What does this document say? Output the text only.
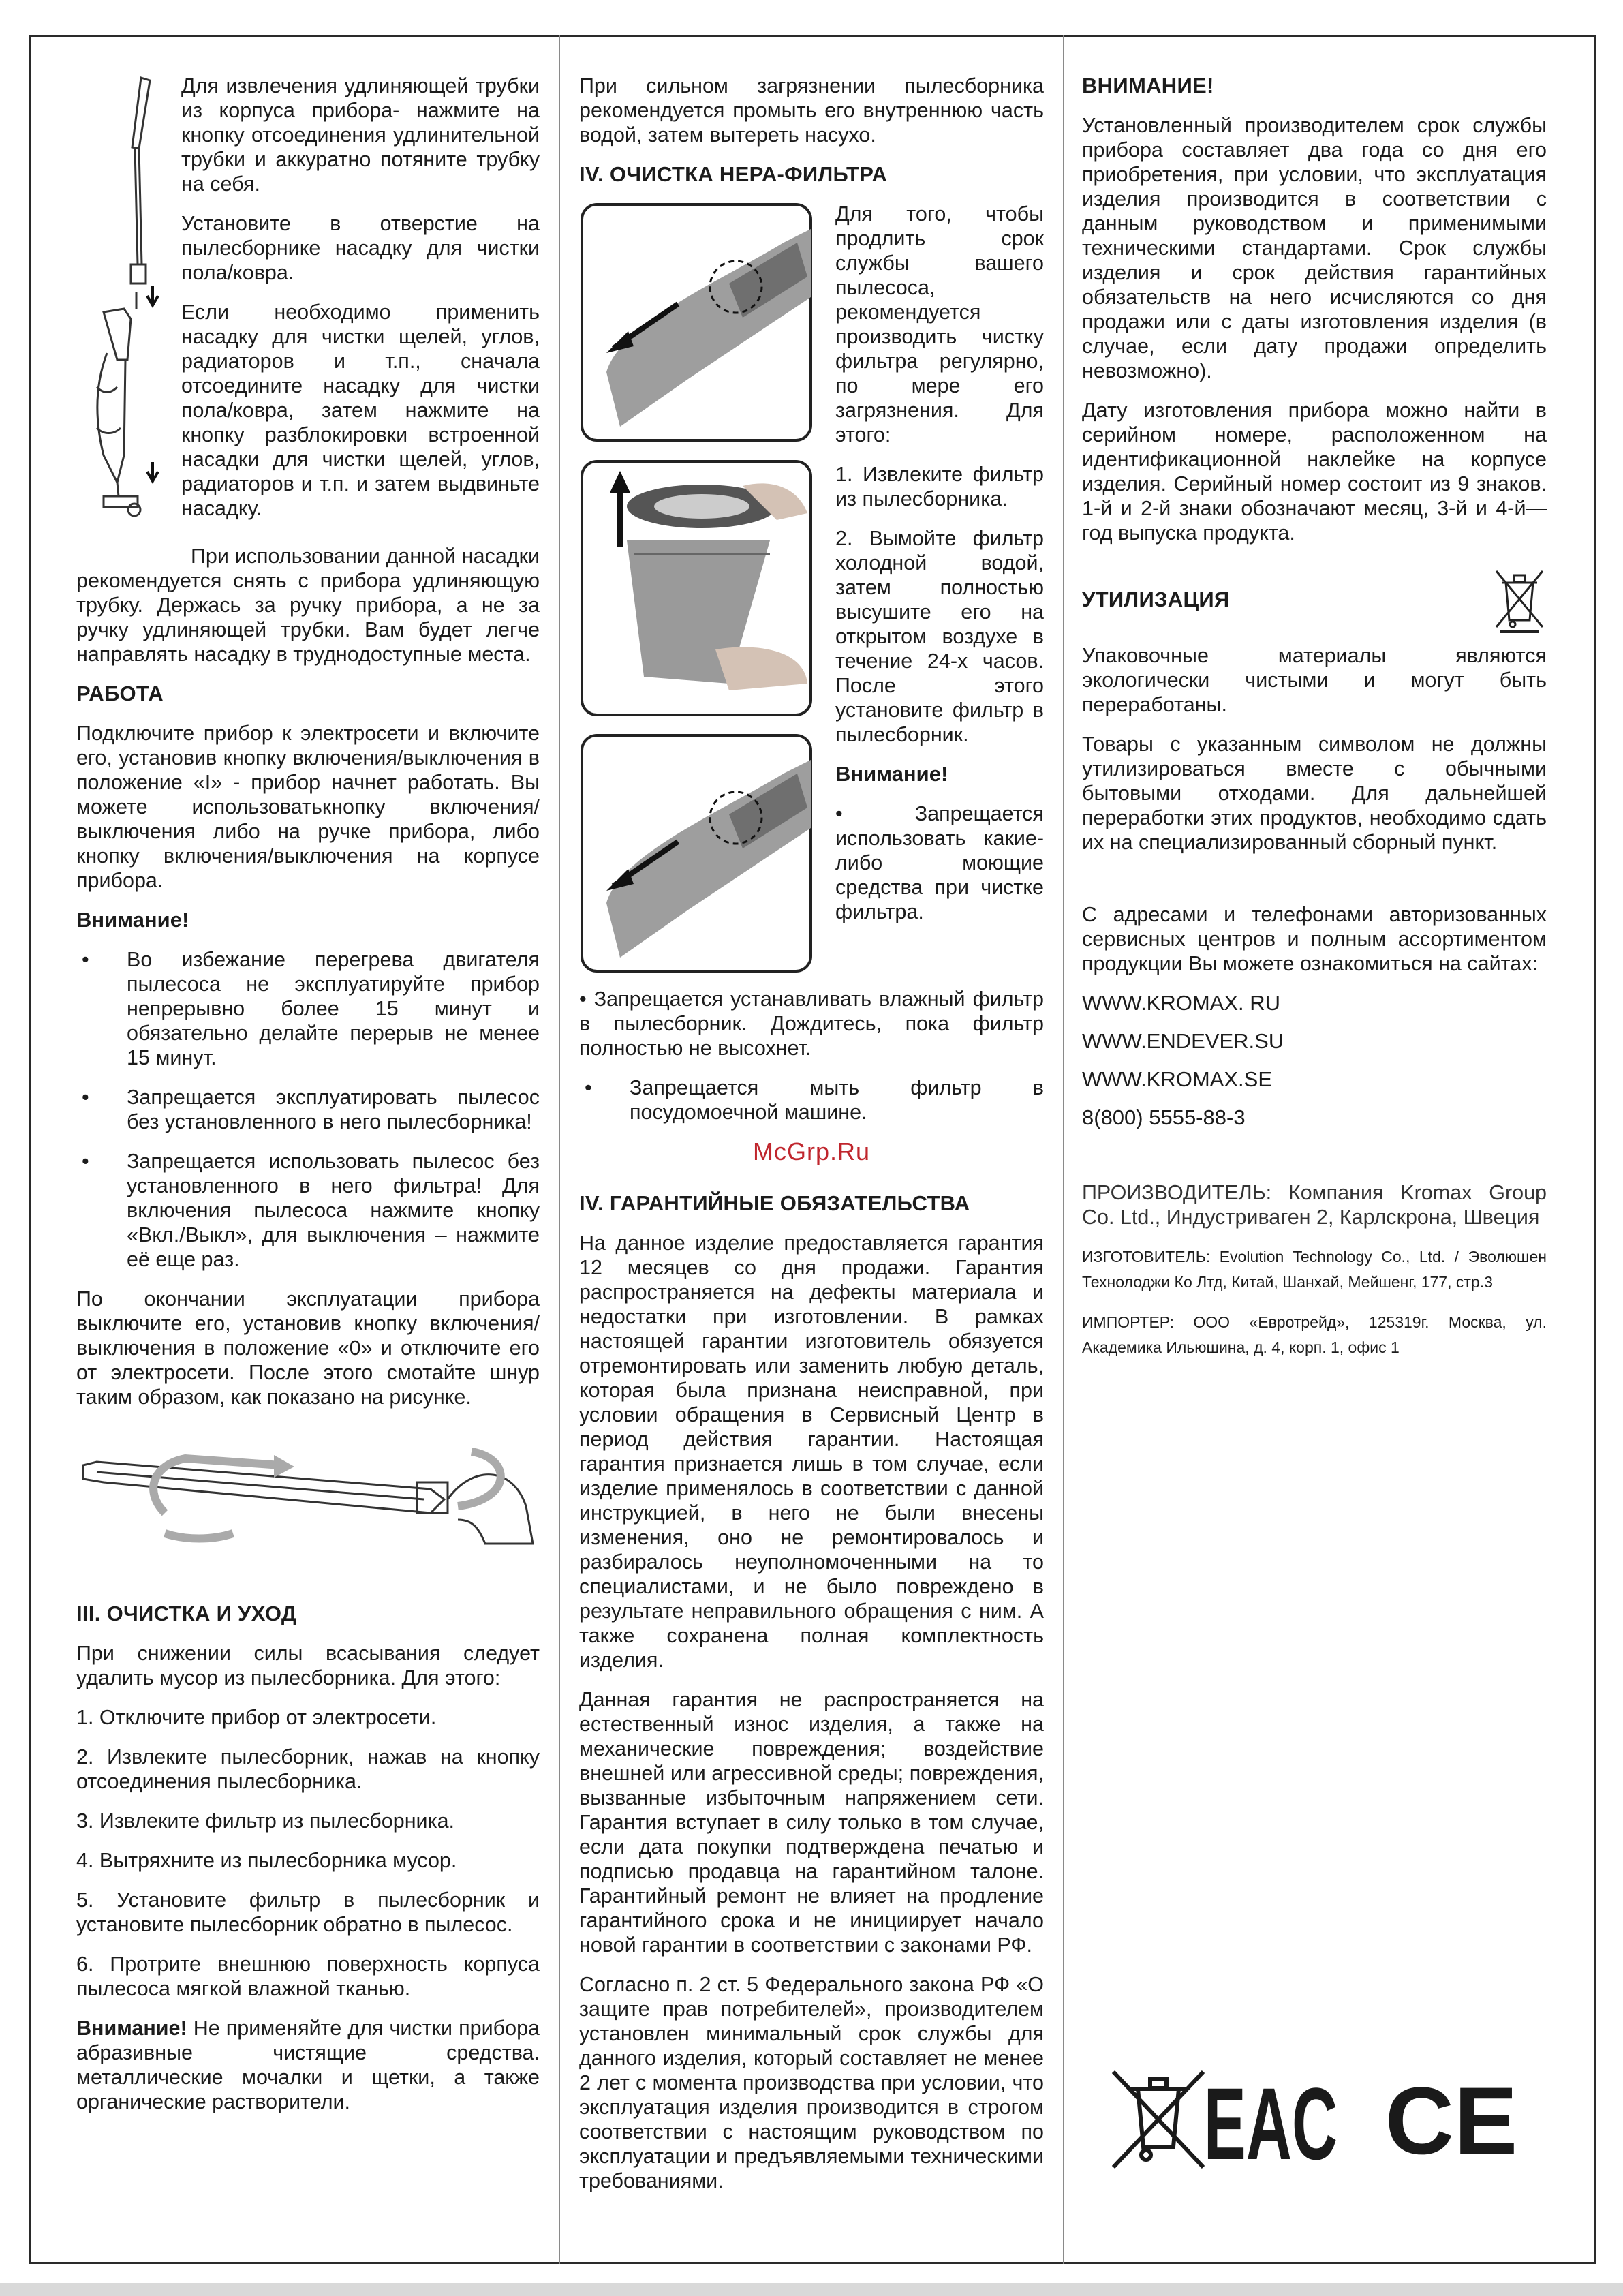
Для извлечения удлиняющей трубки из корпуса прибора- нажмите на кнопку отсоединения удлинительной трубки и аккуратно потяните трубку на себя.

Установите в отверстие на пылесборнике насадку для чистки пола/ковра.

Если необходимо применить насадку для чистки щелей, углов, радиаторов и т.п., сначала отсоедините насадку для чистки пола/ковра, затем нажмите на кнопку разблокировки встроенной насадки для чистки щелей, углов, радиаторов и т.п. и затем выдвиньте насадку.

При использовании данной насадки рекомендуется снять с прибора удлиняющую трубку. Держась за ручку прибора, а не за ручку удлиняющей трубки. Вам будет легче направлять насадку в труднодоступные места.

РАБОТА

Подключите прибор к электросети и включите его, установив кнопку включения/выключения в положение «I» - прибор начнет работать. Вы можете использоватькнопку включения/выключения либо на ручке прибора, либо кнопку включения/выключения на корпусе прибора.

Внимание!
• Во избежание перегрева двигателя пылесоса не эксплуатируйте прибор непрерывно более 15 минут и обязательно делайте перерыв не менее 15 минут.
• Запрещается эксплуатировать пылесос без установленного в него пылесборника!
• Запрещается использовать пылесос без установленного в него фильтра! Для включения пылесоса нажмите кнопку «Вкл./Выкл», для выключения – нажмите её еще раз.

По окончании эксплуатации прибора выключите его, установив кнопку включения/выключения в положение «0» и отключите его от электросети. После этого смотайте шнур таким образом, как показано на рисунке.

III. ОЧИСТКА И УХОД

При снижении силы всасывания следует удалить мусор из пылесборника. Для этого:

1. Отключите прибор от электросети.

2. Извлеките пылесборник, нажав на кнопку отсоединения пылесборника.

3. Извлеките фильтр из пылесборника.

4. Вытряхните из пылесборника мусор.

5. Установите фильтр в пылесборник и установите пылесборник обратно в пылесос.

6. Протрите внешнюю поверхность корпуса пылесоса мягкой влажной тканью.

Внимание! Не применяйте для чистки прибора абразивные чистящие средства. металлические мочалки и щетки, а также органические растворители.

При сильном загрязнении пылесборника рекомендуется промыть его внутреннюю часть водой, затем вытереть насухо.

IV. ОЧИСТКА НЕРА-ФИЛЬТРА

Для того, чтобы продлить срок службы вашего пылесоса, рекомендуется производить чистку фильтра регулярно, по мере его загрязнения. Для этого:

1. Извлеките фильтр из пылесборника.

2. Вымойте фильтр холодной водой, затем полностью высушите его на открытом воздухе в течение 24-х часов. После этого установите фильтр в пылесборник.

Внимание!

• Запрещается использовать какие-либо моющие средства при чистке фильтра.

• Запрещается устанавливать влажный фильтр в пылесборник. Дождитесь, пока фильтр полностью не высохнет.

• Запрещается мыть фильтр в посудомоечной машине.
McGrp.Ru
IV. ГАРАНТИЙНЫЕ ОБЯЗАТЕЛЬСТВА

На данное изделие предоставляется гарантия 12 месяцев со дня продажи. Гарантия распространяется на дефекты материала и недостатки при изготовлении. В рамках настоящей гарантии изготовитель обязуется отремонтировать или заменить любую деталь, которая была признана неисправной, при условии обращения в Сервисный Центр в период действия гарантии. Настоящая гарантия признается лишь в том случае, если изделие применялось в соответствии с данной инструкцией, в него не были внесены изменения, оно не ремонтировалось и разбиралось неуполномоченными на то специалистами, и не было повреждено в результате неправильного обращения с ним. А также сохранена полная комплектность изделия.

Данная гарантия не распространяется на естественный износ изделия, а также на механические повреждения; воздействие внешней или агрессивной среды; повреждения, вызванные избыточным напряжением сети. Гарантия вступает в силу только в том случае, если дата покупки подтверждена печатью и подписью продавца на гарантийном талоне. Гарантийный ремонт не влияет на продление гарантийного срока и не инициирует начало новой гарантии в соответствии с законами РФ.

Согласно п. 2 ст. 5 Федерального закона РФ «О защите прав потребителей», производителем установлен минимальный срок службы для данного изделия, который составляет не менее 2 лет с момента производства при условии, что эксплуатация изделия производится в строгом соответствии с настоящим руководством по эксплуатации и предъявляемыми техническими требованиями.

ВНИМАНИЕ!

Установленный производителем срок службы прибора составляет два года со дня его приобретения, при условии, что эксплуатация изделия производится в соответствии с данным руководством и применимыми техническими стандартами. Срок службы изделия и срок действия гарантийных обязательств на него исчисляются со дня продажи или с даты изготовления изделия (в случае, если дату продажи определить невозможно).

Дату изготовления прибора можно найти в серийном номере, расположенном на идентификационной наклейке на корпусе изделия. Серийный номер состоит из 9 знаков. 1-й и 2-й знаки обозначают месяц, 3-й и 4-й— год выпуска продукта.

УТИЛИЗАЦИЯ

Упаковочные материалы являются экологически чистыми и могут быть переработаны.

Товары с указанным символом не должны утилизироваться вместе с обычными бытовыми отходами. Для дальнейшей переработки этих продуктов, необходимо сдать их на специализированный сборный пункт.

С адресами и телефонами авторизованных сервисных центров и полным ассортиментом продукции Вы можете ознакомиться на сайтах:

WWW.KROMAX. RU

WWW.ENDEVER.SU

WWW.KROMAX.SE

8(800) 5555-88-3

ПРОИЗВОДИТЕЛЬ: Компания Kromax Group Co. Ltd., Индустриваген 2, Карлскрона, Швеция

ИЗГОТОВИТЕЛЬ: Evolution Technology Co., Ltd. / Эволюшен Технолоджи Ко Лтд, Китай, Шанхай, Мейшенг, 177, стр.3

ИМПОРТЕР: ООО «Евротрейд», 125319г. Москва, ул. Академика Ильюшина, д. 4, корп. 1, офис 1

EAC CE
